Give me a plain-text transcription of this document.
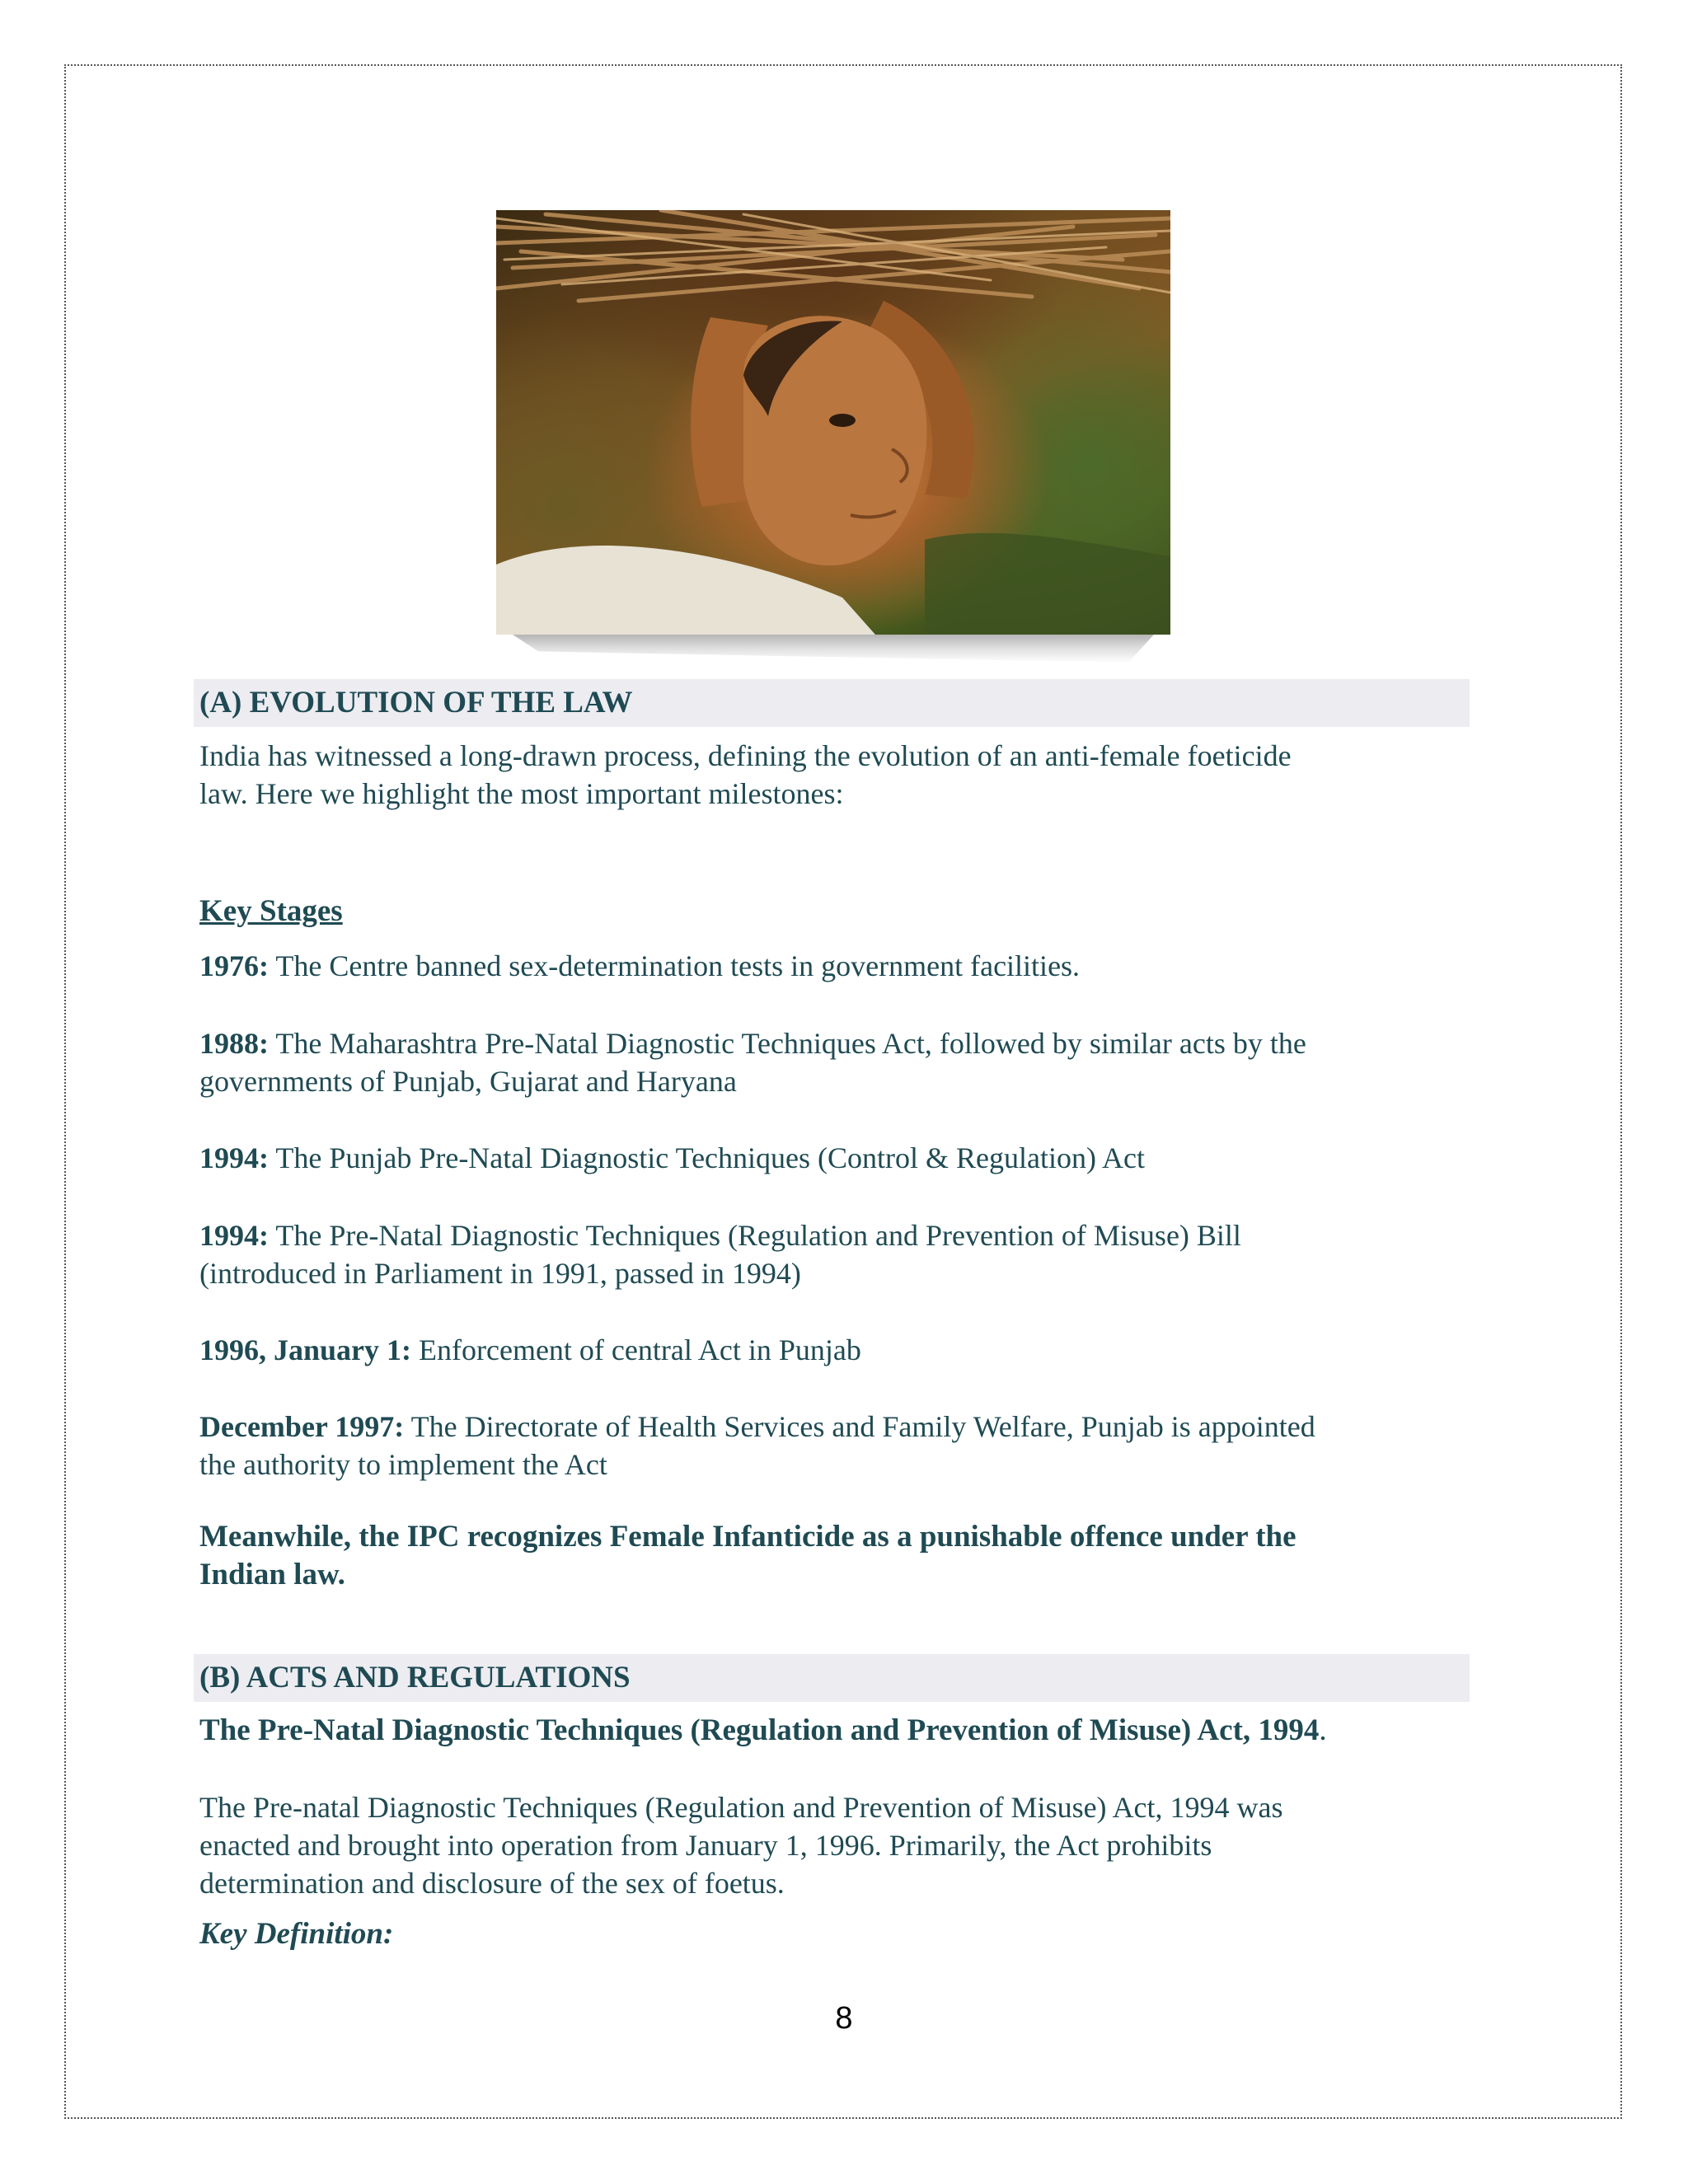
(A) EVOLUTION OF THE LAW
India has witnessed a long-drawn process, defining the evolution of an anti-female foeticide
law. Here we highlight the most important milestones:
Key Stages
1976: The Centre banned sex-determination tests in government facilities.
1988: The Maharashtra Pre-Natal Diagnostic Techniques Act, followed by similar acts by the
governments of Punjab, Gujarat and Haryana
1994: The Punjab Pre-Natal Diagnostic Techniques (Control & Regulation) Act
1994: The Pre-Natal Diagnostic Techniques (Regulation and Prevention of Misuse) Bill
(introduced in Parliament in 1991, passed in 1994)
1996, January 1: Enforcement of central Act in Punjab
December 1997: The Directorate of Health Services and Family Welfare, Punjab is appointed
the authority to implement the Act
Meanwhile, the IPC recognizes Female Infanticide as a punishable offence under the
Indian law.
(B) ACTS AND REGULATIONS
The Pre-Natal Diagnostic Techniques (Regulation and Prevention of Misuse) Act, 1994.
The Pre-natal Diagnostic Techniques (Regulation and Prevention of Misuse) Act, 1994 was
enacted and brought into operation from January 1, 1996. Primarily, the Act prohibits
determination and disclosure of the sex of foetus.
Key Definition:
8
